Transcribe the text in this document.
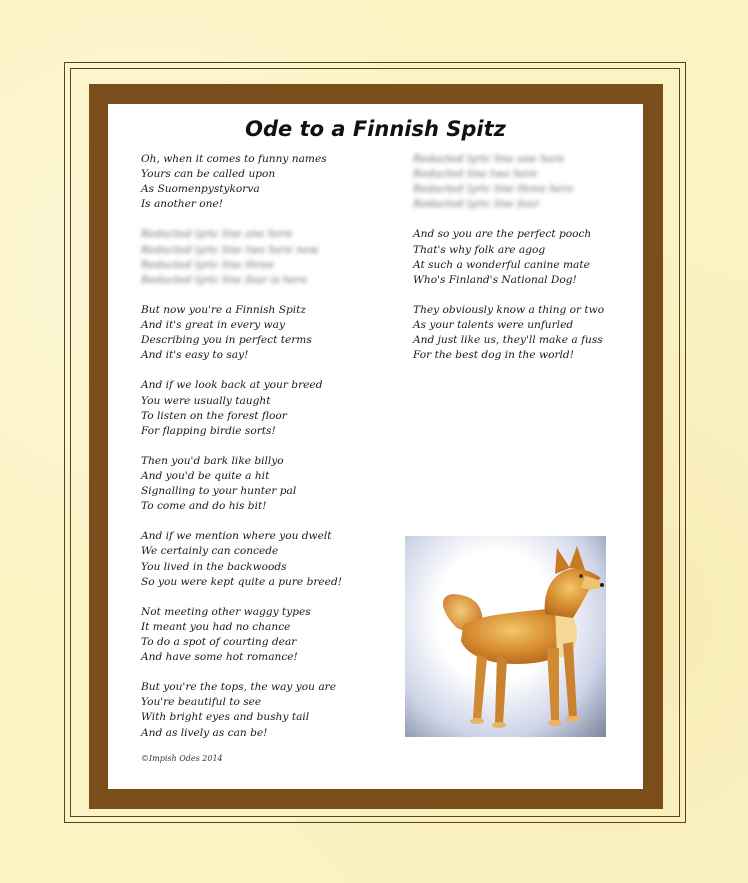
Ode to a Finnish Spitz
Oh, when it comes to funny names
Yours can be called upon
As Suomenpystykorva
Is another one!
Redacted lyric line one here
Redacted lyric line two here now
Redacted lyric line three
Redacted lyric line four is here
But now you're a Finnish Spitz
And it's great in every way
Describing you in perfect terms
And it's easy to say!
And if we look back at your breed
You were usually taught
To listen on the forest floor
For flapping birdie sorts!
Then you'd bark like billyo
And you'd be quite a hit
Signalling to your hunter pal
To come and do his bit!
And if we mention where you dwelt
We certainly can concede
You lived in the backwoods
So you were kept quite a pure breed!
Not meeting other waggy types
It meant you had no chance
To do a spot of courting dear
And have some hot romance!
But you're the tops, the way you are
You're beautiful to see
With bright eyes and bushy tail
And as lively as can be!
Redacted lyric line one here
Redacted line two here
Redacted lyric line three here
Redacted lyric line four
And so you are the perfect pooch
That's why folk are agog
At such a wonderful canine mate
Who's Finland's National Dog!
They obviously know a thing or two
As your talents were unfurled
And just like us, they'll make a fuss
For the best dog in the world!
©Impish Odes 2014
